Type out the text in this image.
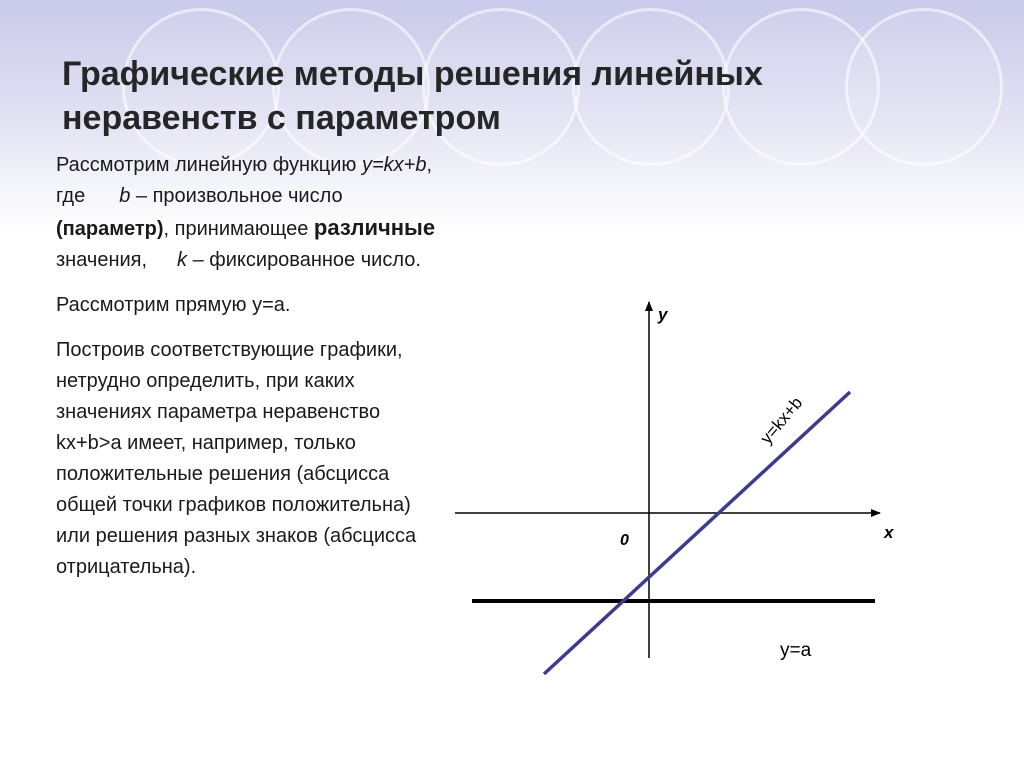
Графические методы решения линейных неравенств с параметром

Рассмотрим линейную функцию y=kx+b, где b – произвольное число (параметр), принимающее различные значения, k – фиксированное число.

Рассмотрим прямую y=a.

Построив соответствующие графики, нетрудно определить, при каких значениях параметра неравенство kx+b>a имеет, например, только положительные решения (абсцисса общей точки графиков положительна) или решения разных знаков (абсцисса отрицательна).

y
x
0
y=kx+b
y=a
